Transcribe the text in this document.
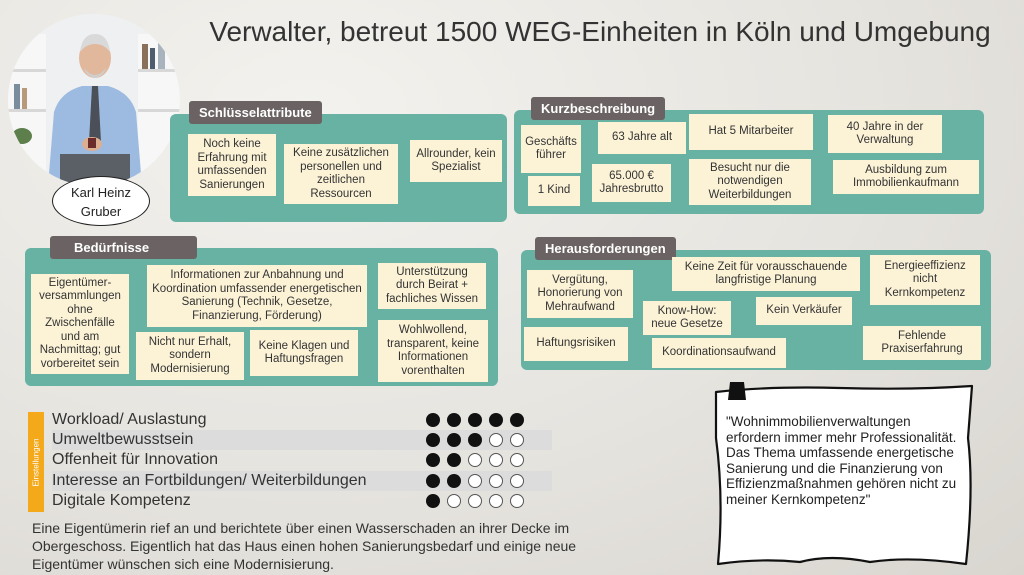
Karl Heinz
Gruber
Verwalter, betreut 1500 WEG-Einheiten in Köln und Umgebung
Schlüsselattribute
Noch keine Erfahrung mit umfassenden Sanierungen
Keine zusätzlichen personellen und zeitlichen Ressourcen
Allrounder, kein Spezialist
Kurzbeschreibung
Geschäfts führer
63 Jahre alt	Hat 5 Mitarbeiter	40 Jahre in der Verwaltung
1 Kind
65.000 € Jahresbrutto
Besucht nur die notwendigen Weiterbildungen
Ausbildung zum Immobilienkaufmann
Bedürfnisse
Eigentümer-versammlungen ohne Zwischenfälle und am Nachmittag; gut vorbereitet sein
Informationen zur Anbahnung und Koordination umfassender energetischen Sanierung (Technik, Gesetze, Finanzierung, Förderung)
Unterstützung durch Beirat + fachliches Wissen
Nicht nur Erhalt, sondern Modernisierung
Keine Klagen und Haftungsfragen
Wohlwollend, transparent, keine Informationen vorenthalten
Herausforderungen
Vergütung, Honorierung von Mehraufwand
Keine Zeit für vorausschauende langfristige Planung
Energieeffizienz nicht Kernkompetenz
Know-How: neue Gesetze
Kein Verkäufer
Haftungsrisiken
Koordinationsaufwand
Fehlende Praxiserfahrung
Einstellungen
Workload/ Auslastung
Umweltbewusstsein
Offenheit für Innovation
Interesse an Fortbildungen/ Weiterbildungen
Digitale Kompetenz
Eine Eigentümerin rief an und berichtete über einen Wasserschaden an ihrer Decke im Obergeschoss. Eigentlich hat das Haus einen hohen Sanierungsbedarf und einige neue Eigentümer wünschen sich eine Modernisierung.
"Wohnimmobilienverwaltungen erfordern immer mehr Professionalität. Das Thema umfassende energetische Sanierung und die Finanzierung von Effizienzmaßnahmen gehören nicht zu meiner Kernkompetenz"
